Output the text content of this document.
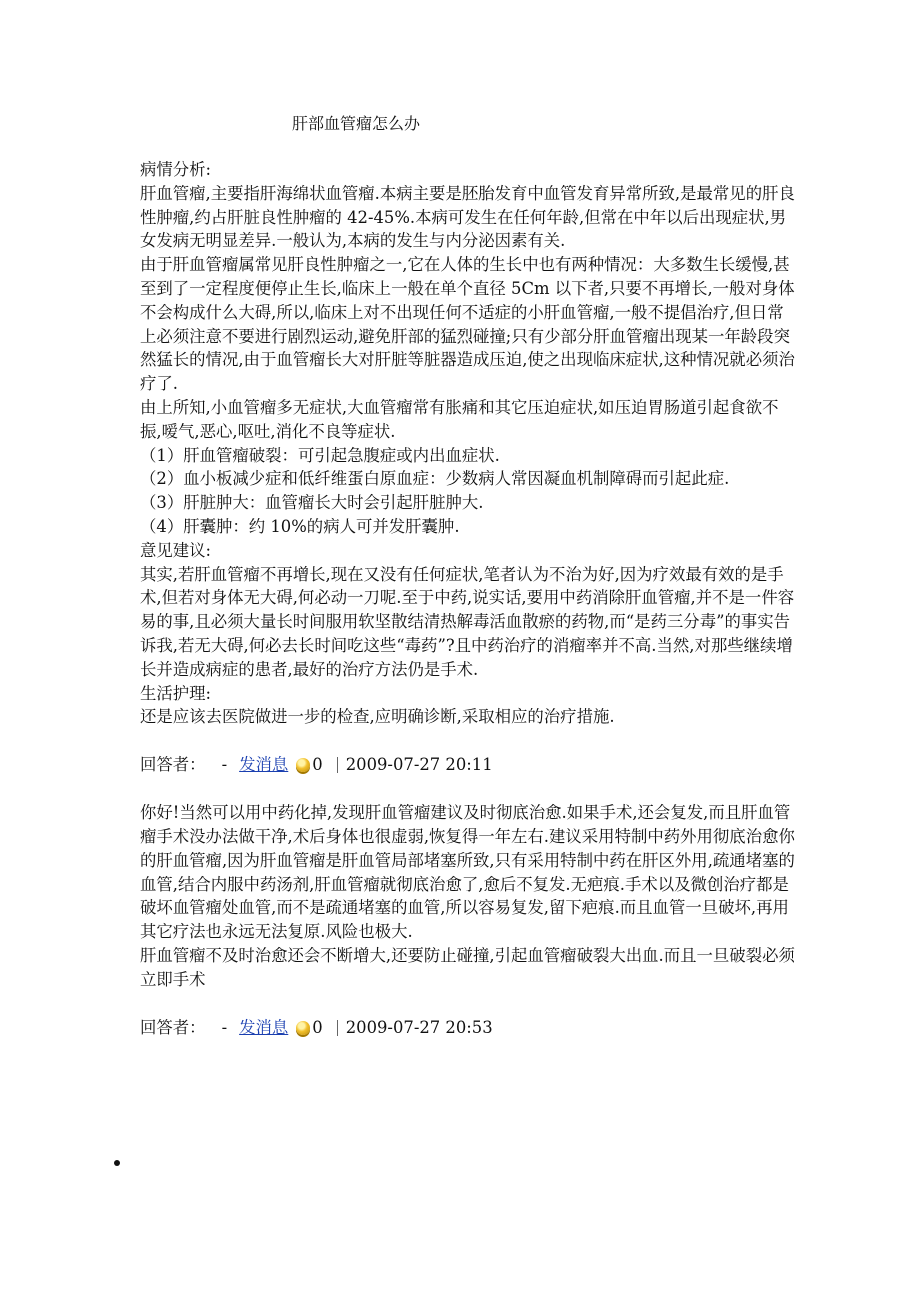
肝部血管瘤怎么办

病情分析:

肝血管瘤,主要指肝海绵状血管瘤.本病主要是胚胎发育中血管发育异常所致,是最常见的肝良性肿瘤,约占肝脏良性肿瘤的 42-45%.本病可发生在任何年龄,但常在中年以后出现症状,男女发病无明显差异.一般认为,本病的发生与内分泌因素有关.

由于肝血管瘤属常见肝良性肿瘤之一,它在人体的生长中也有两种情况：大多数生长缓慢,甚至到了一定程度便停止生长,临床上一般在单个直径 5Cm 以下者,只要不再增长,一般对身体不会构成什么大碍,所以,临床上对不出现任何不适症的小肝血管瘤,一般不提倡治疗,但日常上必须注意不要进行剧烈运动,避免肝部的猛烈碰撞;只有少部分肝血管瘤出现某一年龄段突然猛长的情况,由于血管瘤长大对肝脏等脏器造成压迫,使之出现临床症状,这种情况就必须治疗了.

由上所知,小血管瘤多无症状,大血管瘤常有胀痛和其它压迫症状,如压迫胃肠道引起食欲不振,嗳气,恶心,呕吐,消化不良等症状.

（1）肝血管瘤破裂：可引起急腹症或内出血症状.

（2）血小板减少症和低纤维蛋白原血症：少数病人常因凝血机制障碍而引起此症.

（3）肝脏肿大：血管瘤长大时会引起肝脏肿大.

（4）肝囊肿：约 10%的病人可并发肝囊肿.

意见建议:

其实,若肝血管瘤不再增长,现在又没有任何症状,笔者认为不治为好,因为疗效最有效的是手术,但若对身体无大碍,何必动一刀呢.至于中药,说实话,要用中药消除肝血管瘤,并不是一件容易的事,且必须大量长时间服用软坚散结清热解毒活血散瘀的药物,而“是药三分毒”的事实告诉我,若无大碍,何必去长时间吃这些“毒药”?且中药治疗的消瘤率并不高.当然,对那些继续增长并造成病症的患者,最好的治疗方法仍是手术.

生活护理:

还是应该去医院做进一步的检查,应明确诊断,采取相应的治疗措施.

回答者： - 发消息 0 2009-07-27 20:11

你好!当然可以用中药化掉,发现肝血管瘤建议及时彻底治愈.如果手术,还会复发,而且肝血管瘤手术没办法做干净,术后身体也很虚弱,恢复得一年左右.建议采用特制中药外用彻底治愈你的肝血管瘤,因为肝血管瘤是肝血管局部堵塞所致,只有采用特制中药在肝区外用,疏通堵塞的血管,结合内服中药汤剂,肝血管瘤就彻底治愈了,愈后不复发.无疤痕.手术以及微创治疗都是破坏血管瘤处血管,而不是疏通堵塞的血管,所以容易复发,留下疤痕.而且血管一旦破坏,再用其它疗法也永远无法复原.风险也极大.

肝血管瘤不及时治愈还会不断增大,还要防止碰撞,引起血管瘤破裂大出血.而且一旦破裂必须立即手术

回答者： - 发消息 0 2009-07-27 20:53
